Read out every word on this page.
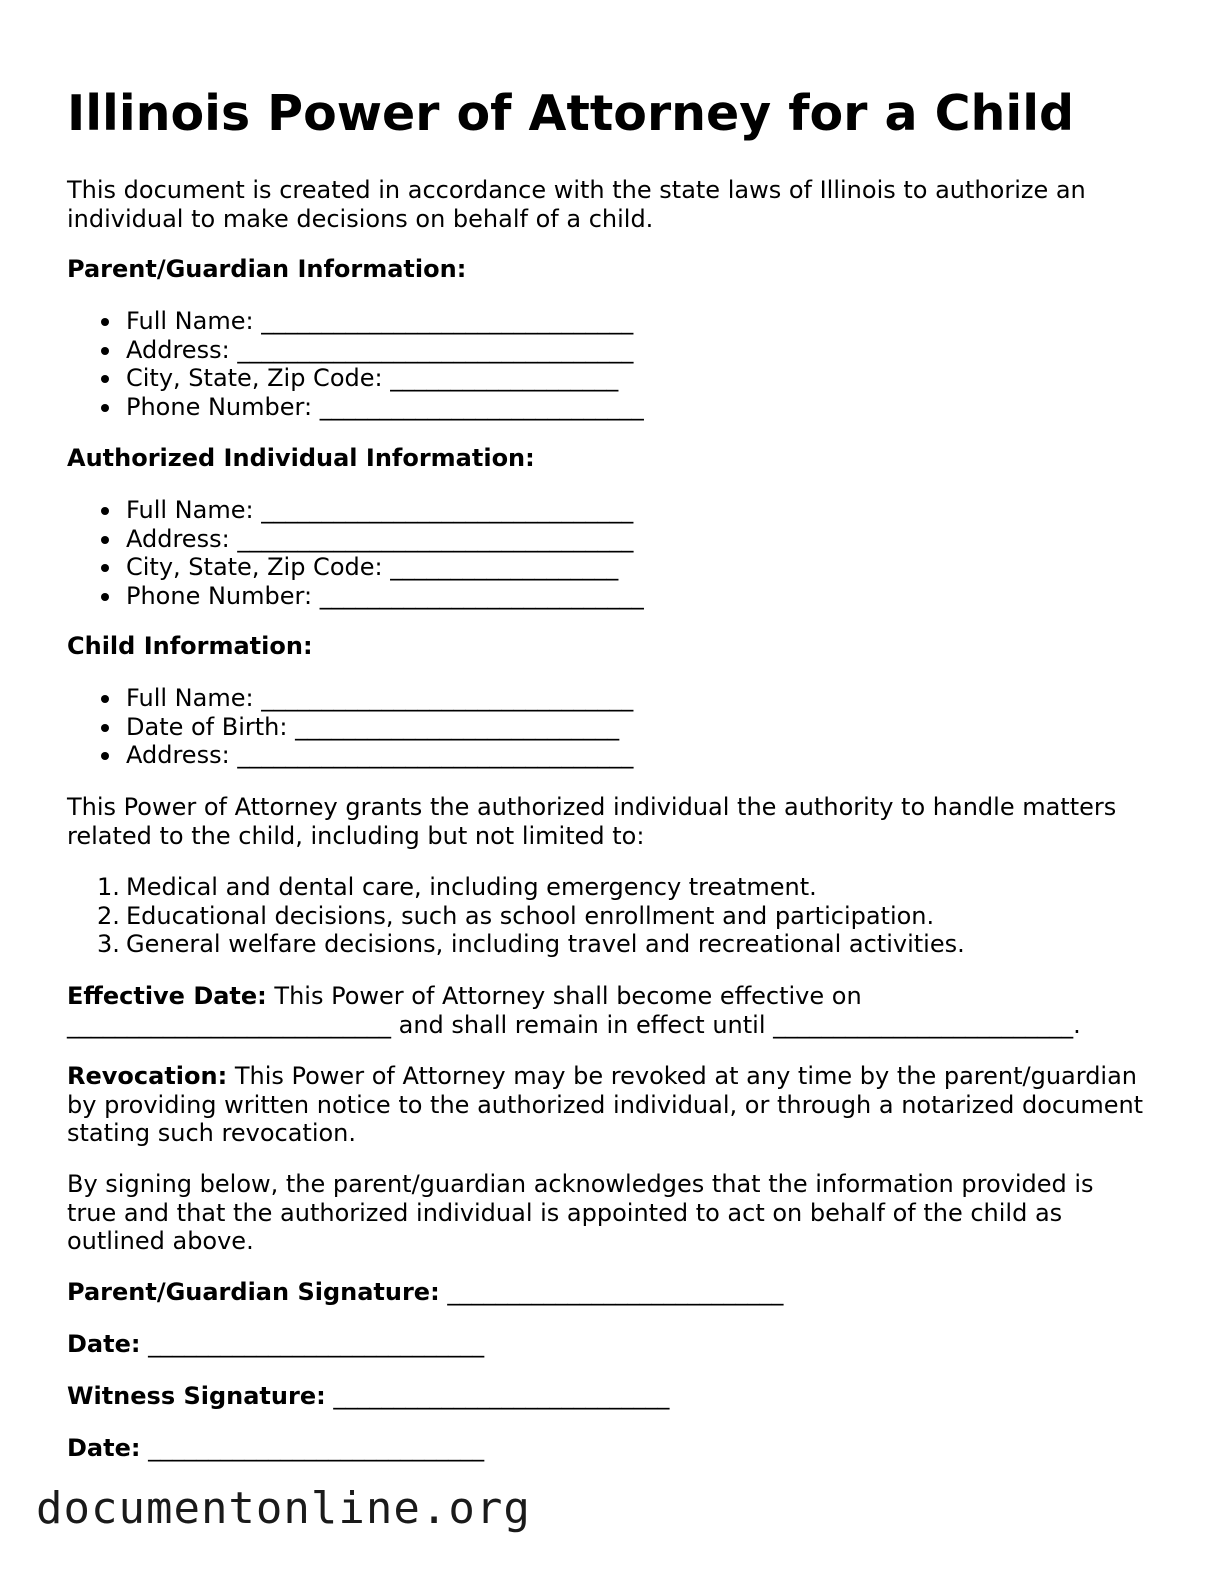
Illinois Power of Attorney for a Child

This document is created in accordance with the state laws of Illinois to authorize an individual to make decisions on behalf of a child.

Parent/Guardian Information:
Full Name: _______________________________
Address: _________________________________
City, State, Zip Code: ___________________
Phone Number: ___________________________
Authorized Individual Information:
Full Name: _______________________________
Address: _________________________________
City, State, Zip Code: ___________________
Phone Number: ___________________________
Child Information:
Full Name: _______________________________
Date of Birth: ___________________________
Address: _________________________________

This Power of Attorney grants the authorized individual the authority to handle matters related to the child, including but not limited to:

1. Medical and dental care, including emergency treatment.
2. Educational decisions, such as school enrollment and participation.
3. General welfare decisions, including travel and recreational activities.

Effective Date: This Power of Attorney shall become effective on
___________________________ and shall remain in effect until _________________________.

Revocation: This Power of Attorney may be revoked at any time by the parent/guardian by providing written notice to the authorized individual, or through a notarized document stating such revocation.

By signing below, the parent/guardian acknowledges that the information provided is true and that the authorized individual is appointed to act on behalf of the child as outlined above.

Parent/Guardian Signature: ____________________________
Date: ____________________________
Witness Signature: ____________________________
Date: ____________________________
documentonline.org
